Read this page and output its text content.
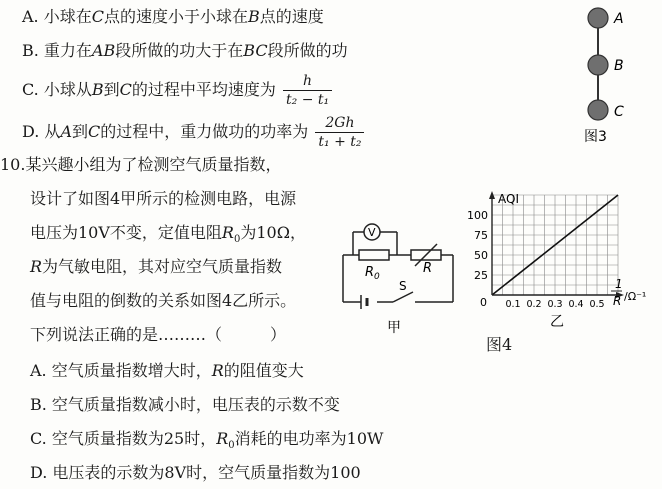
A. 小球在C点的速度小于小球在B点的速度
B. 重力在AB段所做的功大于在BC段所做的功
C. 小球从B到C的过程中平均速度为 $\frac{h}{\text{t₂ − t₁}}$
D. 从A到C的过程中，重力做功的功率为 $\frac{2Gh}{\text{t₁ + t₂}}$
A
B
C
图3
10.某兴趣小组为了检测空气质量指数，
设计了如图4甲所示的检测电路，电源
电压为10V不变，定值电阻$R_0$为10Ω，
R为气敏电阻，其对应空气质量指数
值与电阻的倒数的关系如图4乙所示。
下列说法正确的是………（　　　）
A. 空气质量指数增大时，R的阻值变大
B. 空气质量指数减小时，电压表的示数不变
C. 空气质量指数为25时，$R_0$消耗的电功率为10W
D. 电压表的示数为8V时，空气质量指数为100
V
$R_0$
R
S
甲
25
50
75
100
0.1 0.2 0.3 0.4 0.5
AQI
1
R /Ω⁻¹
0
乙
图4
